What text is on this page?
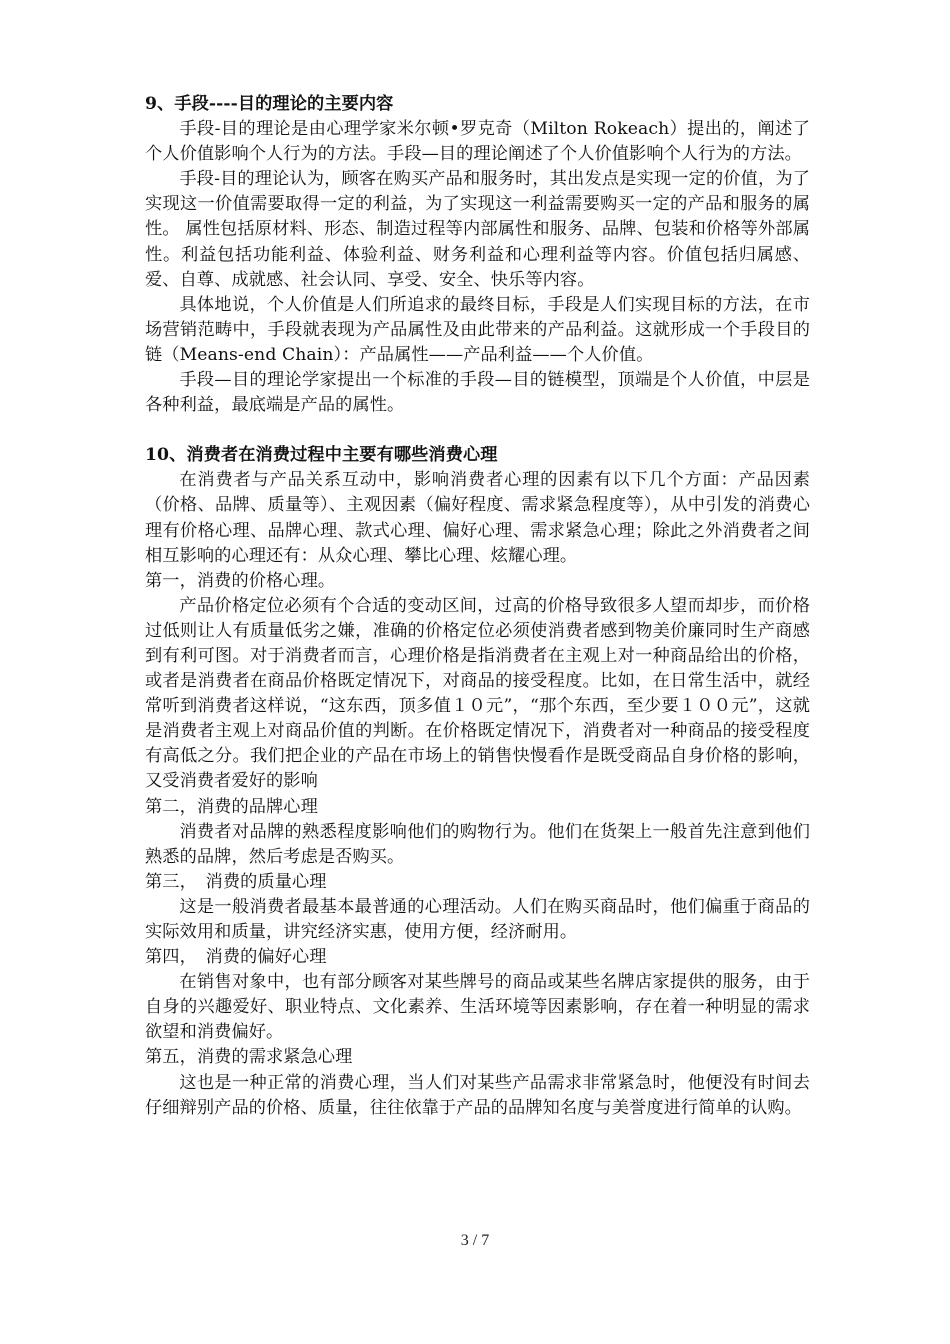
9、手段----目的理论的主要内容

手段-目的理论是由心理学家米尔顿•罗克奇（Milton Rokeach）提出的，阐述了个人价值影响个人行为的方法。手段—目的理论阐述了个人价值影响个人行为的方法。

手段-目的理论认为，顾客在购买产品和服务时，其出发点是实现一定的价值，为了实现这一价值需要取得一定的利益，为了实现这一利益需要购买一定的产品和服务的属性。 属性包括原材料、形态、制造过程等内部属性和服务、品牌、包装和价格等外部属性。利益包括功能利益、体验利益、财务利益和心理利益等内容。价值包括归属感、爱、自尊、成就感、社会认同、享受、安全、快乐等内容。

具体地说，个人价值是人们所追求的最终目标，手段是人们实现目标的方法，在市场营销范畴中，手段就表现为产品属性及由此带来的产品利益。这就形成一个手段目的链（Means-end Chain）：产品属性——产品利益——个人价值。

手段—目的理论学家提出一个标准的手段—目的链模型，顶端是个人价值，中层是各种利益，最底端是产品的属性。

10、消费者在消费过程中主要有哪些消费心理

在消费者与产品关系互动中，影响消费者心理的因素有以下几个方面：产品因素（价格、品牌、质量等）、主观因素（偏好程度、需求紧急程度等），从中引发的消费心理有价格心理、品牌心理、款式心理、偏好心理、需求紧急心理；除此之外消费者之间相互影响的心理还有：从众心理、攀比心理、炫耀心理。

第一，消费的价格心理。

产品价格定位必须有个合适的变动区间，过高的价格导致很多人望而却步，而价格过低则让人有质量低劣之嫌，准确的价格定位必须使消费者感到物美价廉同时生产商感到有利可图。对于消费者而言，心理价格是指消费者在主观上对一种商品给出的价格，或者是消费者在商品价格既定情况下，对商品的接受程度。比如，在日常生活中，就经常听到消费者这样说，“这东西，顶多值１０元”，“那个东西，至少要１００元”，这就是消费者主观上对商品价值的判断。在价格既定情况下，消费者对一种商品的接受程度有高低之分。我们把企业的产品在市场上的销售快慢看作是既受商品自身价格的影响，又受消费者爱好的影响

第二，消费的品牌心理

消费者对品牌的熟悉程度影响他们的购物行为。他们在货架上一般首先注意到他们熟悉的品牌，然后考虑是否购买。

第三，　消费的质量心理

这是一般消费者最基本最普通的心理活动。人们在购买商品时，他们偏重于商品的实际效用和质量，讲究经济实惠，使用方便，经济耐用。

第四，　消费的偏好心理

在销售对象中，也有部分顾客对某些牌号的商品或某些名牌店家提供的服务，由于自身的兴趣爱好、职业特点、文化素养、生活环境等因素影响，存在着一种明显的需求欲望和消费偏好。

第五，消费的需求紧急心理

这也是一种正常的消费心理，当人们对某些产品需求非常紧急时，他便没有时间去仔细辩别产品的价格、质量，往往依靠于产品的品牌知名度与美誉度进行简单的认购。

3 / 7
